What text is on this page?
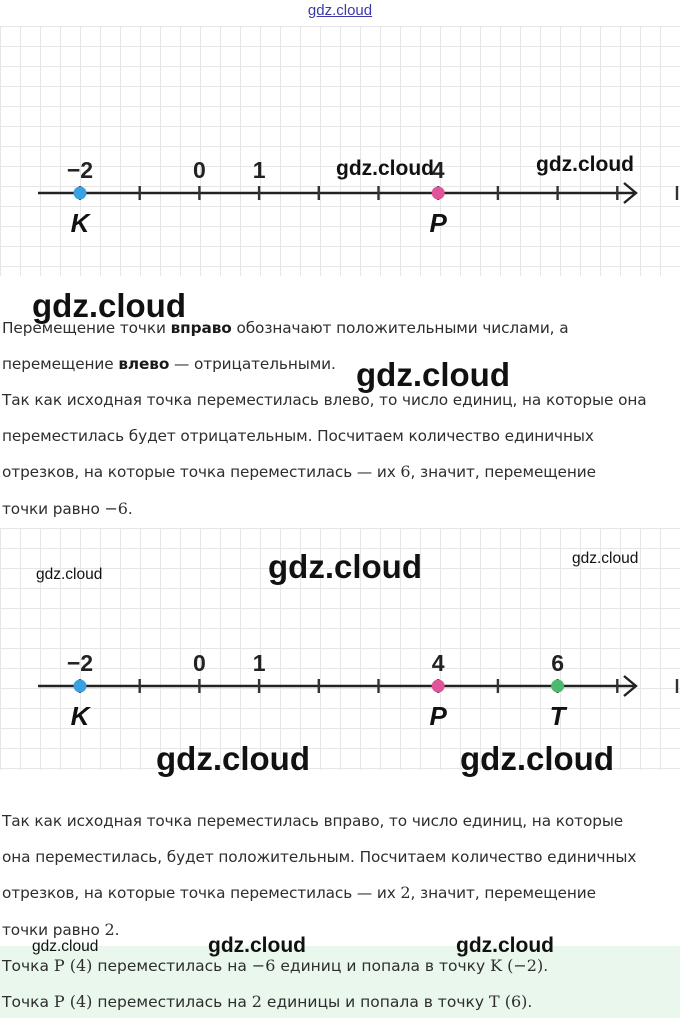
gdz.cloud
−2	0 1	4
K	P
Перемещение точки вправо обозначают положительными числами, а
перемещение влево — отрицательными.
Так как исходная точка переместилась влево, то число единиц, на которые она
переместилась будет отрицательным. Посчитаем количество единичных
отрезков, на которые точка переместилась — их 6, значит, перемещение
точки равно −6.
−2	0 1	4	6
K	P	T
Так как исходная точка переместилась вправо, то число единиц, на которые
она переместилась, будет положительным. Посчитаем количество единичных
отрезков, на которые точка переместилась — их 2, значит, перемещение
точки равно 2.
Точка P (4) переместилась на −6 единиц и попала в точку K (−2).
Точка P (4) переместилась на 2 единицы и попала в точку T (6).
gdz.cloud	gdz.cloud
gdz.cloud
gdz.cloud
gdz.cloud	gdz.cloud	gdz.cloud
gdz.cloud	gdz.cloud
gdz.cloud	gdz.cloud	gdz.cloud
